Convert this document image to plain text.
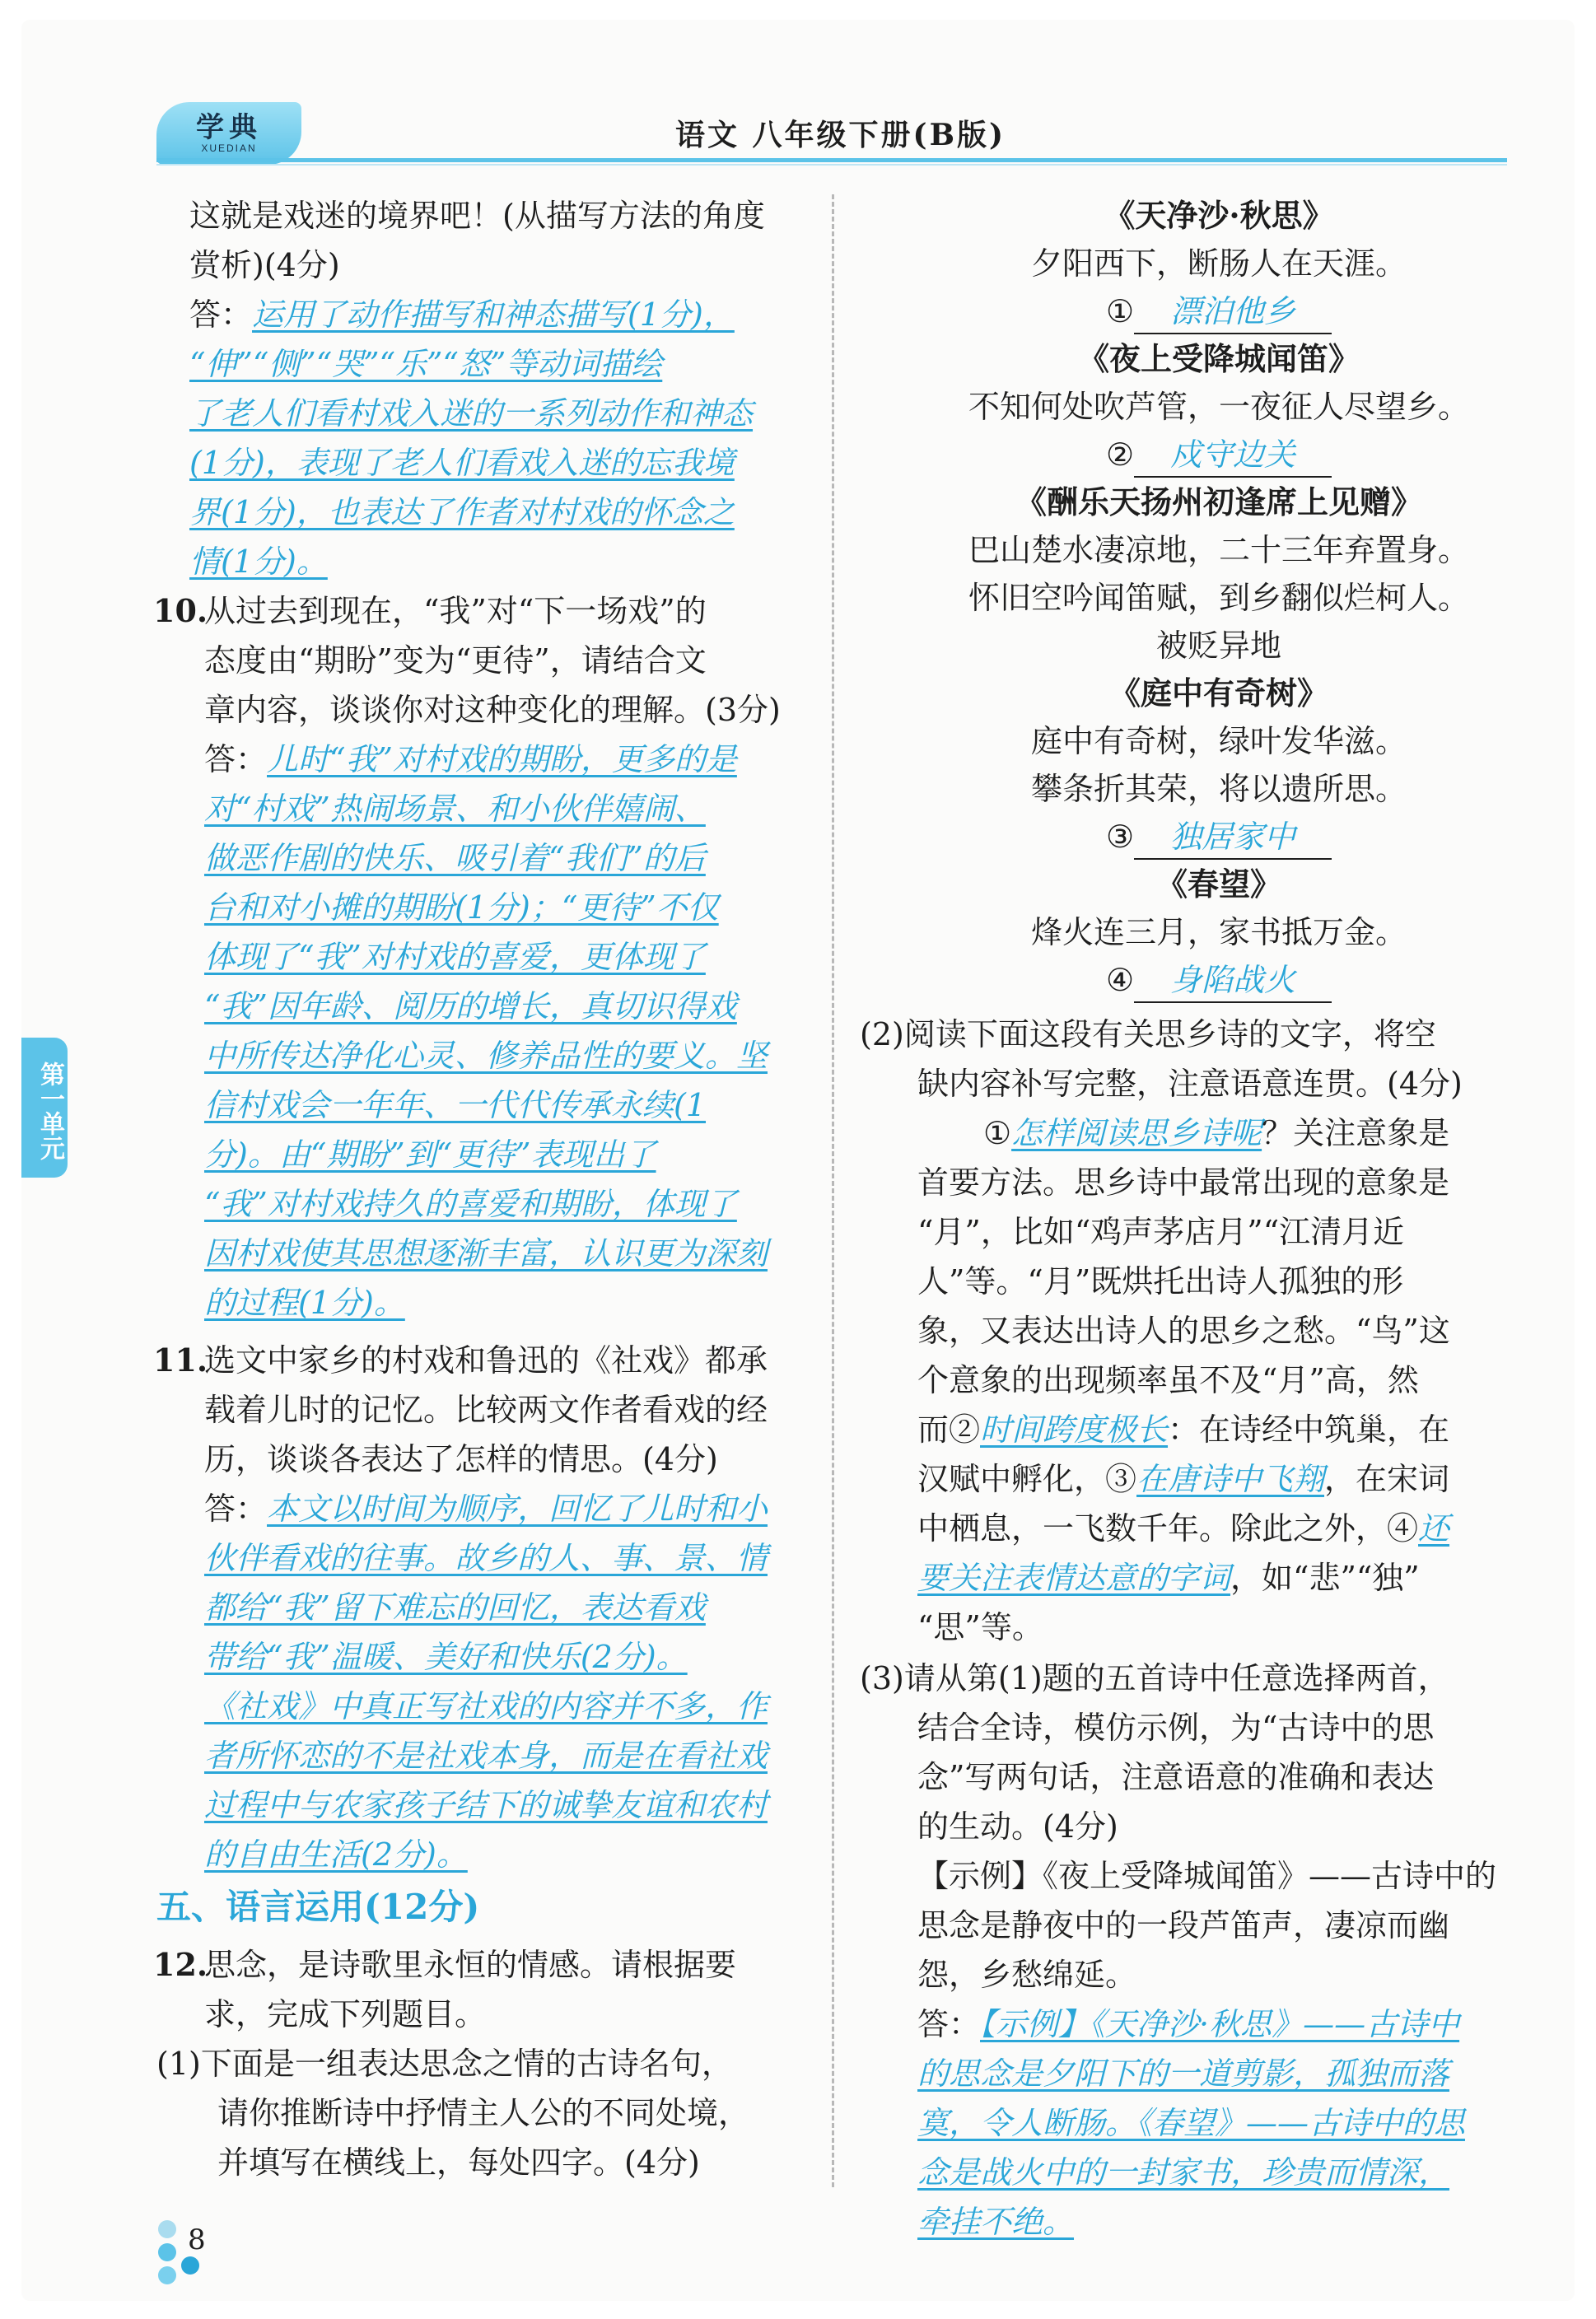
学典
XUEDIAN	语文 八年级下册(B版)
第一单元
这就是戏迷的境界吧！(从描写方法的角度
赏析)(4分)
答：运用了动作描写和神态描写(1分)，
“伸”“侧”“哭”“乐”“怒”等动词描绘
了老人们看村戏入迷的一系列动作和神态
(1分)，表现了老人们看戏入迷的忘我境
界(1分)，也表达了作者对村戏的怀念之
情(1分)。
10.
从过去到现在，“我”对“下一场戏”的
态度由“期盼”变为“更待”，请结合文
章内容，谈谈你对这种变化的理解。(3分)
答：儿时“我”对村戏的期盼，更多的是
对“村戏”热闹场景、和小伙伴嬉闹、
做恶作剧的快乐、吸引着“我们”的后
台和对小摊的期盼(1分)；“更待”不仅
体现了“我”对村戏的喜爱，更体现了
“我”因年龄、阅历的增长，真切识得戏
中所传达净化心灵、修养品性的要义。坚
信村戏会一年年、一代代传承永续(1
分)。由“期盼”到“更待”表现出了
“我”对村戏持久的喜爱和期盼，体现了
因村戏使其思想逐渐丰富，认识更为深刻
的过程(1分)。
11.
选文中家乡的村戏和鲁迅的《社戏》都承
载着儿时的记忆。比较两文作者看戏的经
历，谈谈各表达了怎样的情思。(4分)
答：本文以时间为顺序，回忆了儿时和小
伙伴看戏的往事。故乡的人、事、景、情
都给“我”留下难忘的回忆，表达看戏
带给“我”温暖、美好和快乐(2分)。
《社戏》中真正写社戏的内容并不多，作
者所怀恋的不是社戏本身，而是在看社戏
过程中与农家孩子结下的诚挚友谊和农村
的自由生活(2分)。
五、语言运用(12分)
12.
思念，是诗歌里永恒的情感。请根据要
求，完成下列题目。
(1)下面是一组表达思念之情的古诗名句，
请你推断诗中抒情主人公的不同处境，
并填写在横线上，每处四字。(4分)
《天净沙·秋思》
夕阳西下，断肠人在天涯。
① 漂泊他乡
《夜上受降城闻笛》
不知何处吹芦管，一夜征人尽望乡。
② 戍守边关
《酬乐天扬州初逢席上见赠》
巴山楚水凄凉地，二十三年弃置身。
怀旧空吟闻笛赋，到乡翻似烂柯人。
被贬异地
《庭中有奇树》
庭中有奇树，绿叶发华滋。
攀条折其荣，将以遗所思。
③ 独居家中
《春望》
烽火连三月，家书抵万金。
④ 身陷战火
(2)阅读下面这段有关思乡诗的文字，将空
缺内容补写完整，注意语意连贯。(4分)
①怎样阅读思乡诗呢？关注意象是
首要方法。思乡诗中最常出现的意象是
“月”，比如“鸡声茅店月”“江清月近
人”等。“月”既烘托出诗人孤独的形
象，又表达出诗人的思乡之愁。“鸟”这
个意象的出现频率虽不及“月”高，然
而②时间跨度极长：在诗经中筑巢，在
汉赋中孵化，③在唐诗中飞翔，在宋词
中栖息，一飞数千年。除此之外，④还
要关注表情达意的字词，如“悲”“独”
“思”等。
(3)请从第(1)题的五首诗中任意选择两首，
结合全诗，模仿示例，为“古诗中的思
念”写两句话，注意语意的准确和表达
的生动。(4分)
【示例】《夜上受降城闻笛》——古诗中的
思念是静夜中的一段芦笛声，凄凉而幽
怨，乡愁绵延。
答：【示例】《天净沙·秋思》——古诗中
的思念是夕阳下的一道剪影，孤独而落
寞，令人断肠。《春望》——古诗中的思
念是战火中的一封家书，珍贵而情深，
牵挂不绝。
8
